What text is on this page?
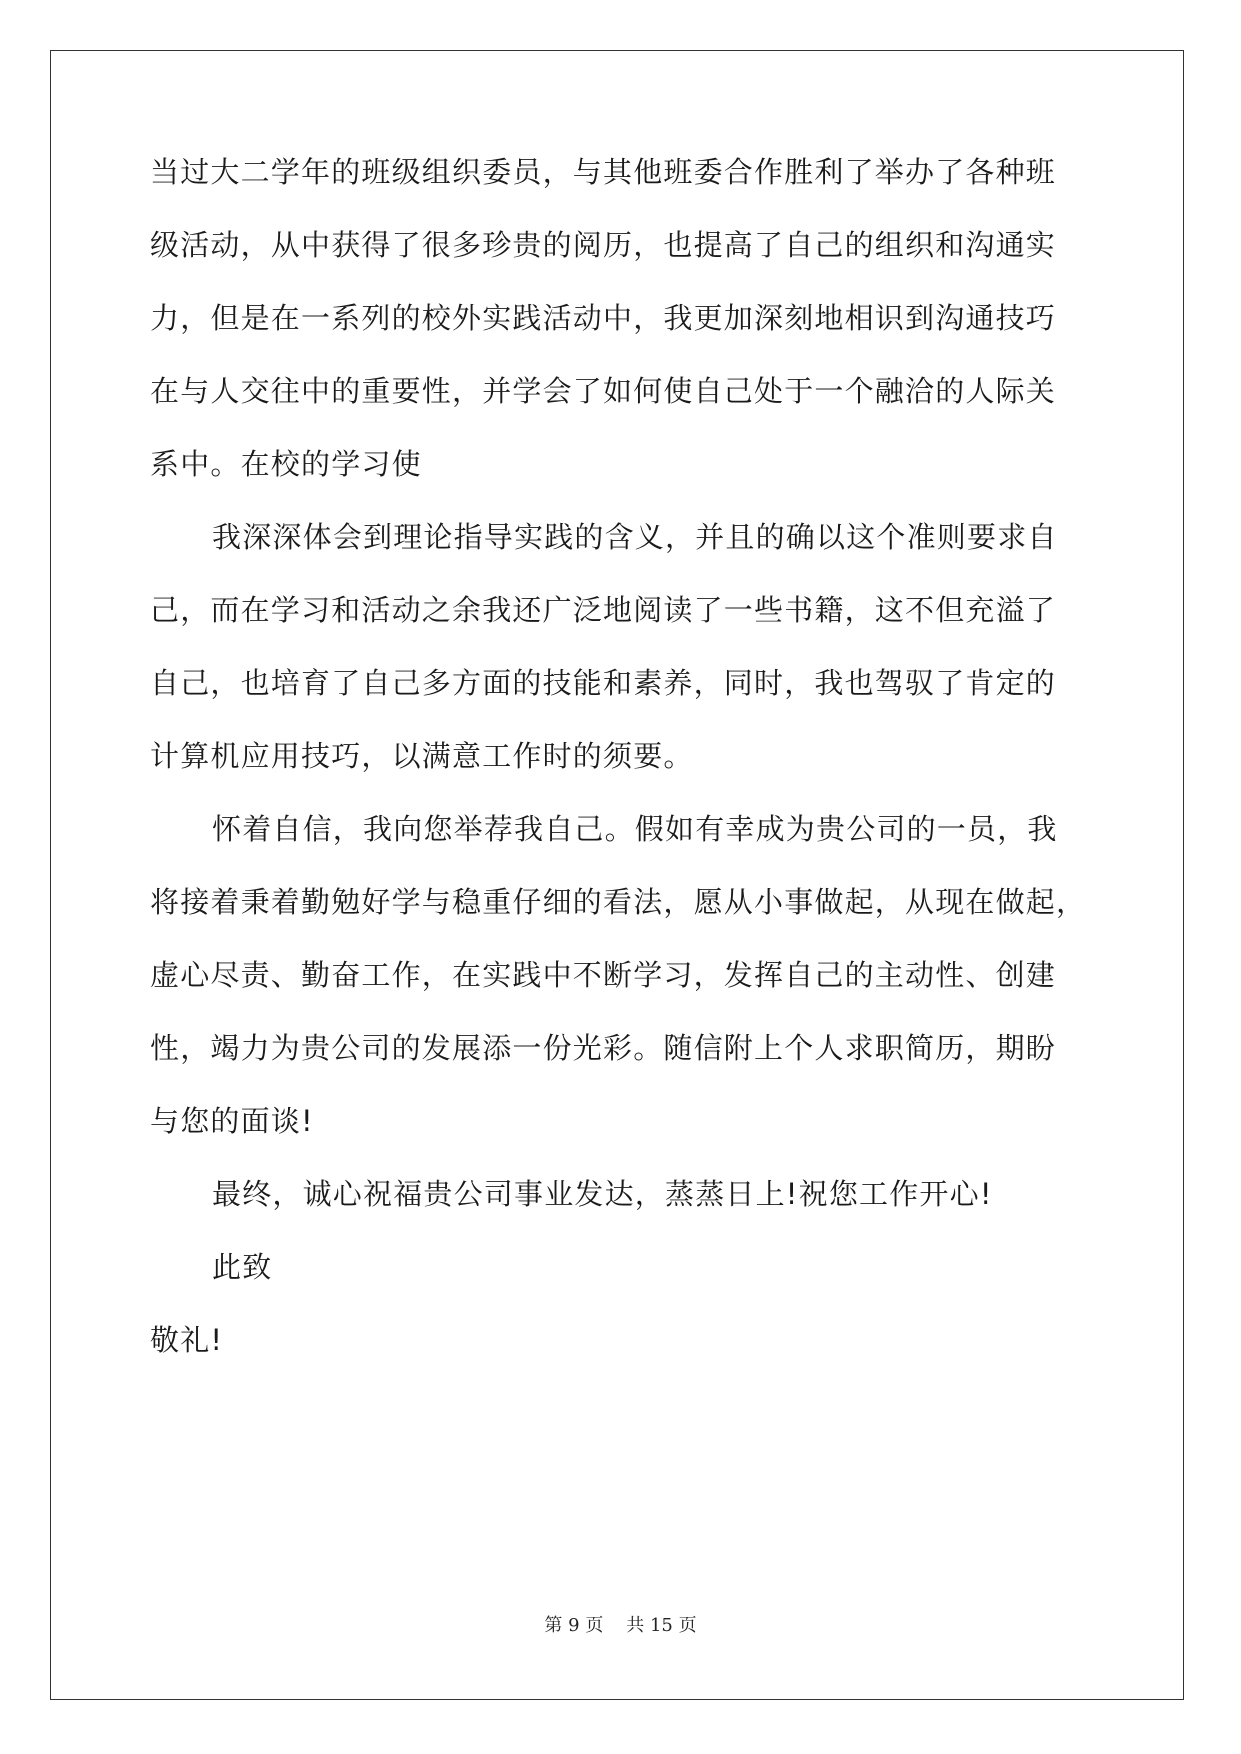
当过大二学年的班级组织委员，与其他班委合作胜利了举办了各种班
级活动，从中获得了很多珍贵的阅历，也提高了自己的组织和沟通实
力，但是在一系列的校外实践活动中，我更加深刻地相识到沟通技巧
在与人交往中的重要性，并学会了如何使自己处于一个融洽的人际关
系中。在校的学习使
我深深体会到理论指导实践的含义，并且的确以这个准则要求自
己，而在学习和活动之余我还广泛地阅读了一些书籍，这不但充溢了
自己，也培育了自己多方面的技能和素养，同时，我也驾驭了肯定的
计算机应用技巧，以满意工作时的须要。
怀着自信，我向您举荐我自己。假如有幸成为贵公司的一员，我
将接着秉着勤勉好学与稳重仔细的看法，愿从小事做起，从现在做起，
虚心尽责、勤奋工作，在实践中不断学习，发挥自己的主动性、创建
性，竭力为贵公司的发展添一份光彩。随信附上个人求职简历，期盼
与您的面谈!
最终，诚心祝福贵公司事业发达，蒸蒸日上!祝您工作开心!
此致
敬礼!
第 9 页 共 15 页
